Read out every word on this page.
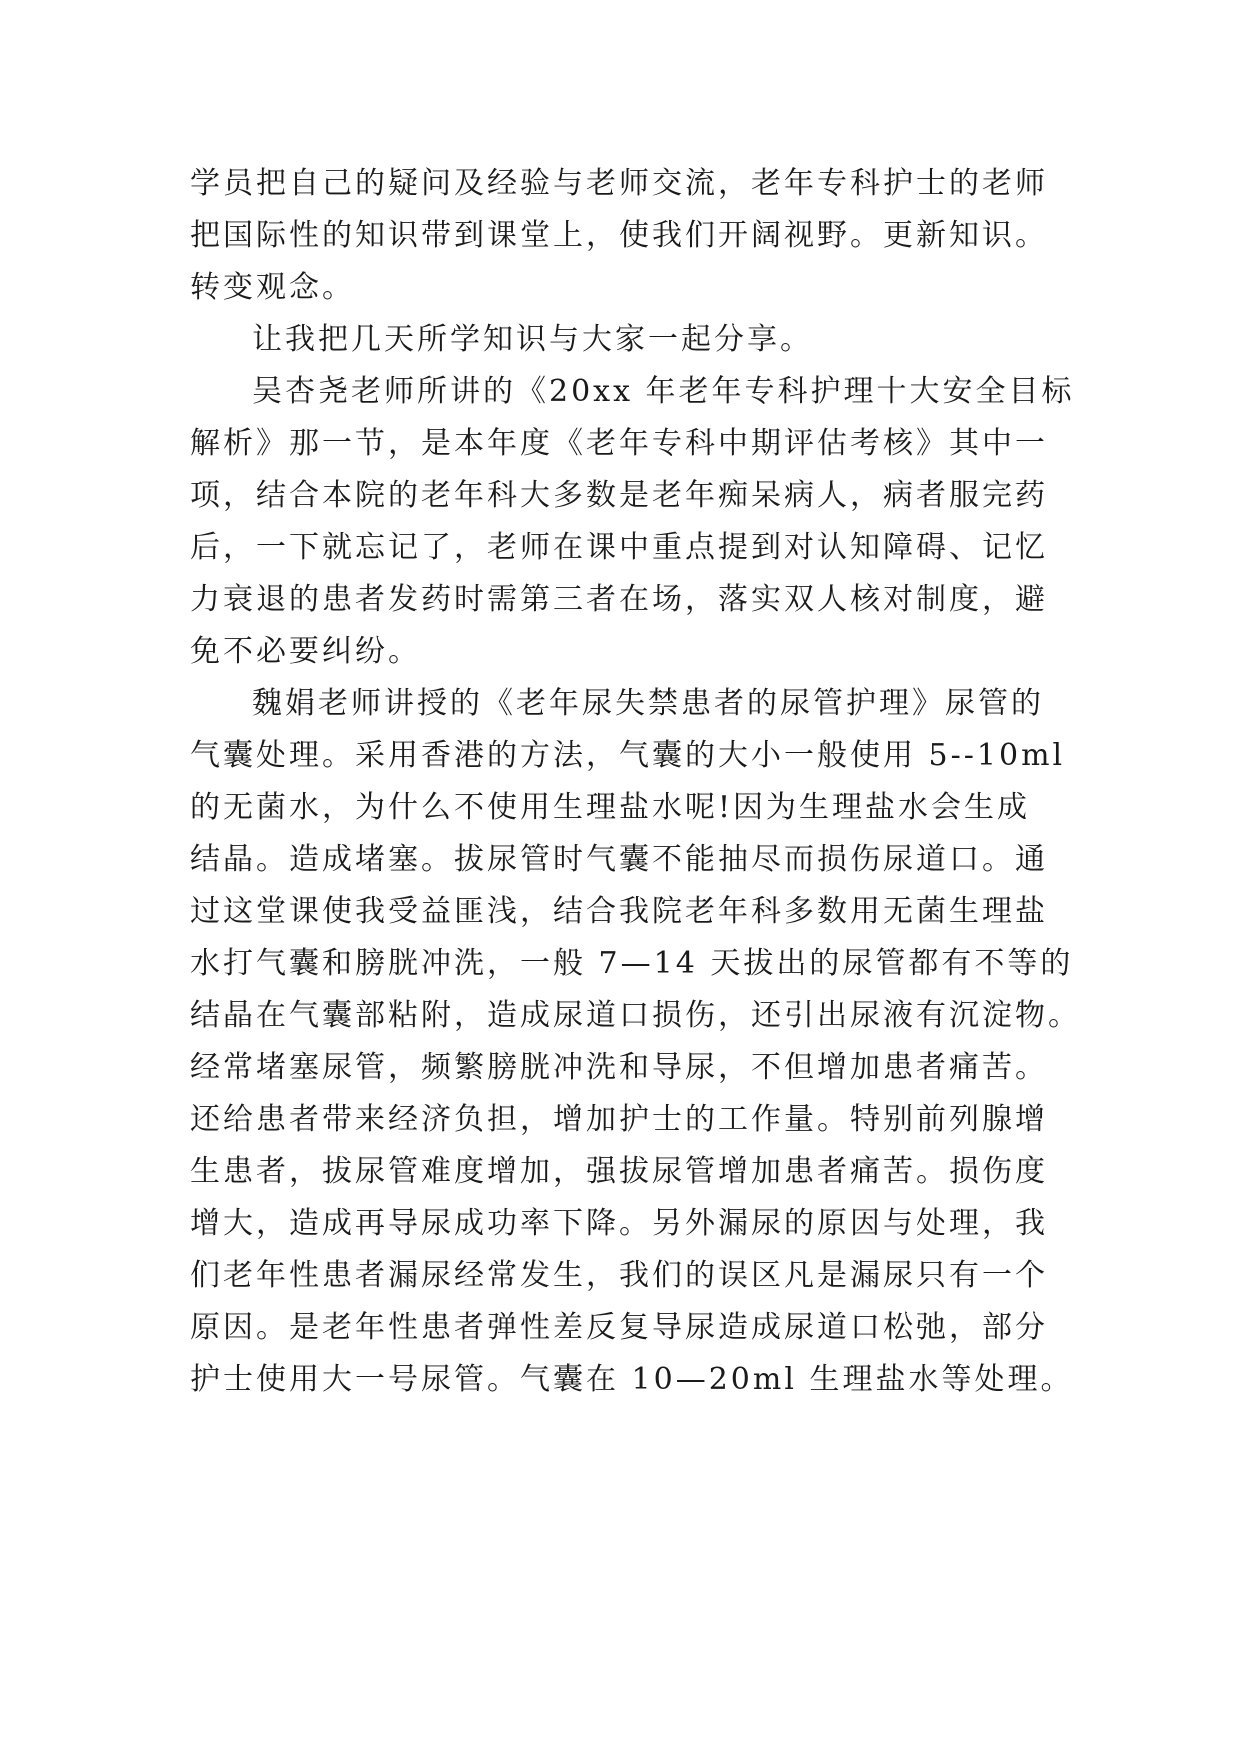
学员把自己的疑问及经验与老师交流，老年专科护士的老师
把国际性的知识带到课堂上，使我们开阔视野。更新知识。
转变观念。
让我把几天所学知识与大家一起分享。
吴杏尧老师所讲的《20xx 年老年专科护理十大安全目标
解析》那一节，是本年度《老年专科中期评估考核》其中一
项，结合本院的老年科大多数是老年痴呆病人，病者服完药
后，一下就忘记了，老师在课中重点提到对认知障碍、记忆
力衰退的患者发药时需第三者在场，落实双人核对制度，避
免不必要纠纷。
魏娟老师讲授的《老年尿失禁患者的尿管护理》尿管的
气囊处理。采用香港的方法，气囊的大小一般使用 5--10ml
的无菌水，为什么不使用生理盐水呢!因为生理盐水会生成
结晶。造成堵塞。拔尿管时气囊不能抽尽而损伤尿道口。通
过这堂课使我受益匪浅，结合我院老年科多数用无菌生理盐
水打气囊和膀胱冲洗，一般 7—14 天拔出的尿管都有不等的
结晶在气囊部粘附，造成尿道口损伤，还引出尿液有沉淀物。
经常堵塞尿管，频繁膀胱冲洗和导尿，不但增加患者痛苦。
还给患者带来经济负担，增加护士的工作量。特别前列腺增
生患者，拔尿管难度增加，强拔尿管增加患者痛苦。损伤度
增大，造成再导尿成功率下降。另外漏尿的原因与处理，我
们老年性患者漏尿经常发生，我们的误区凡是漏尿只有一个
原因。是老年性患者弹性差反复导尿造成尿道口松弛，部分
护士使用大一号尿管。气囊在 10—20ml 生理盐水等处理。
